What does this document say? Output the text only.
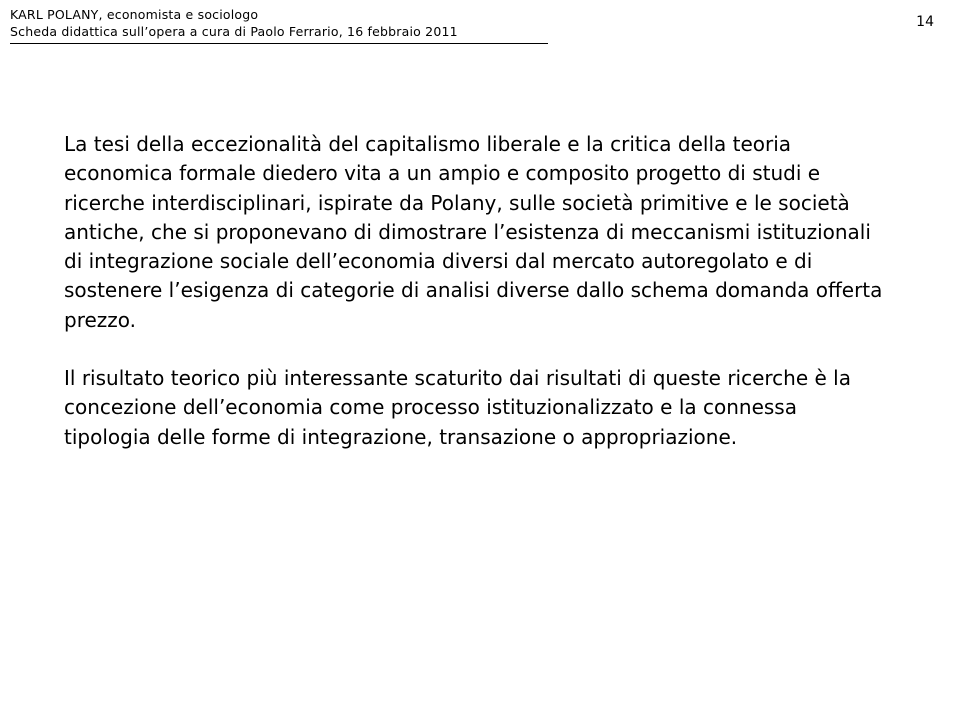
KARL POLANY, economista e sociologo
Scheda didattica sull’opera a cura di Paolo Ferrario, 16 febbraio 2011
14

La tesi della eccezionalità del capitalismo liberale e la critica della teoria economica formale diedero vita a un ampio e composito progetto di studi e ricerche interdisciplinari, ispirate da Polany, sulle società primitive e le società antiche, che si proponevano di dimostrare l’esistenza di meccanismi istituzionali di integrazione sociale dell’economia diversi dal mercato autoregolato e di sostenere l’esigenza di categorie di analisi diverse dallo schema domanda offerta prezzo.

Il risultato teorico più interessante scaturito dai risultati di queste ricerche è la concezione dell’economia come processo istituzionalizzato e la connessa tipologia delle forme di integrazione, transazione o appropriazione.
